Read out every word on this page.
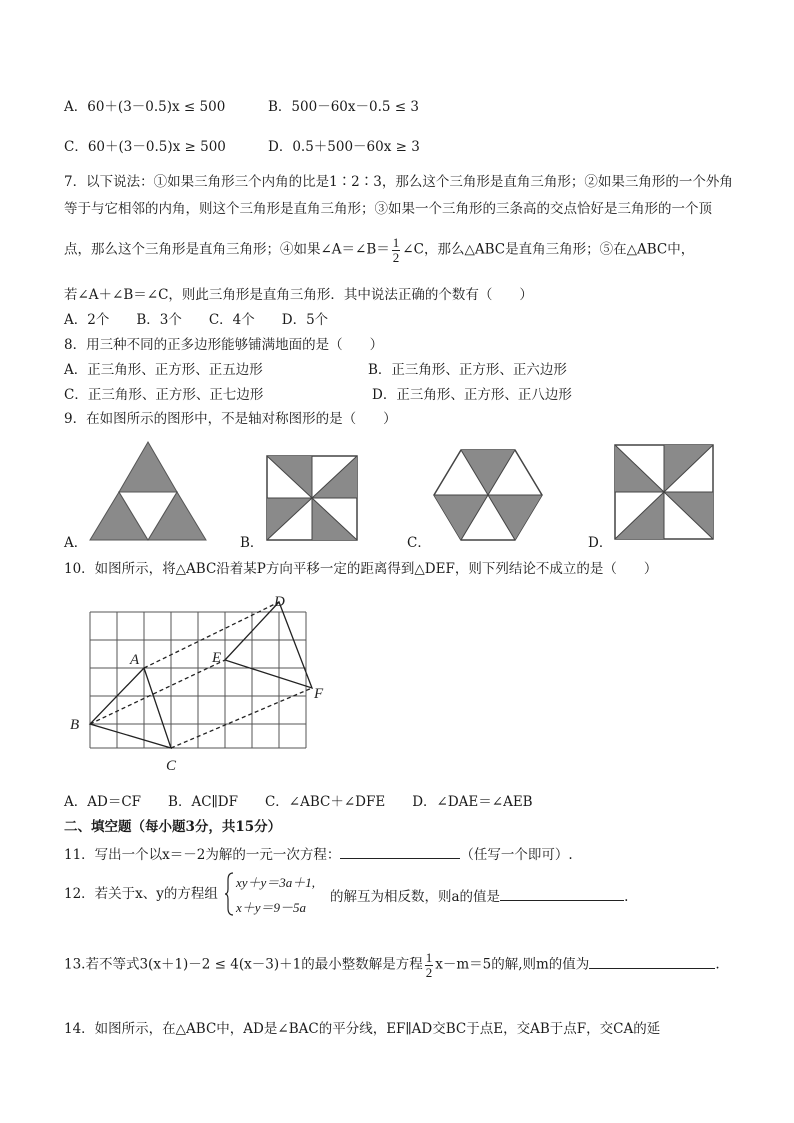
A．60＋(3－0.5)x ≤ 500	B．500－60x－0.5 ≤ 3
C．60＋(3－0.5)x ≥ 500	D．0.5＋500－60x ≥ 3
7．以下说法：①如果三角形三个内角的比是1∶2∶3，那么这个三角形是直角三角形；②如果三角形的一个外角
等于与它相邻的内角，则这个三角形是直角三角形；③如果一个三角形的三条高的交点恰好是三角形的一个顶
点，那么这个三角形是直角三角形；④如果∠A＝∠B＝ $\frac{1}{2}$ ∠C，那么△ABC是直角三角形；⑤在△ABC中，
若∠A＋∠B＝∠C，则此三角形是直角三角形．其中说法正确的个数有（　　）
A．2个　　B．3个　　C．4个　　D．5个
8．用三种不同的正多边形能够铺满地面的是（　　）
A．正三角形、正方形、正五边形	B．正三角形、正方形、正六边形
C．正三角形、正方形、正七边形	D．正三角形、正方形、正八边形
9．在如图所示的图形中，不是轴对称图形的是（　　）
A．	B．	C．	D．
10．如图所示，将△ABC沿着某P方向平移一定的距离得到△DEF，则下列结论不成立的是（　　）
A
B
C
D
E
F
A．AD＝CF　　B．AC∥DF　　C．∠ABC＋∠DFE　　D．∠DAE＝∠AEB
二、填空题（每小题3分，共15分）
11．写出一个以x＝－2为解的一元一次方程：	（任写一个即可）.
12．若关于x、y的方程组
xy＋y＝3a＋1,
x＋y＝9－5a
的解互为相反数，则a的值是	.
13.若不等式3(x＋1)－2 ≤ 4(x－3)＋1的最小整数解是方程 $\frac{1}{2} x-m=5$的解,则m的值为	.
14．如图所示，在△ABC中，AD是∠BAC的平分线，EF∥AD交BC于点E，交AB于点F，交CA的延
